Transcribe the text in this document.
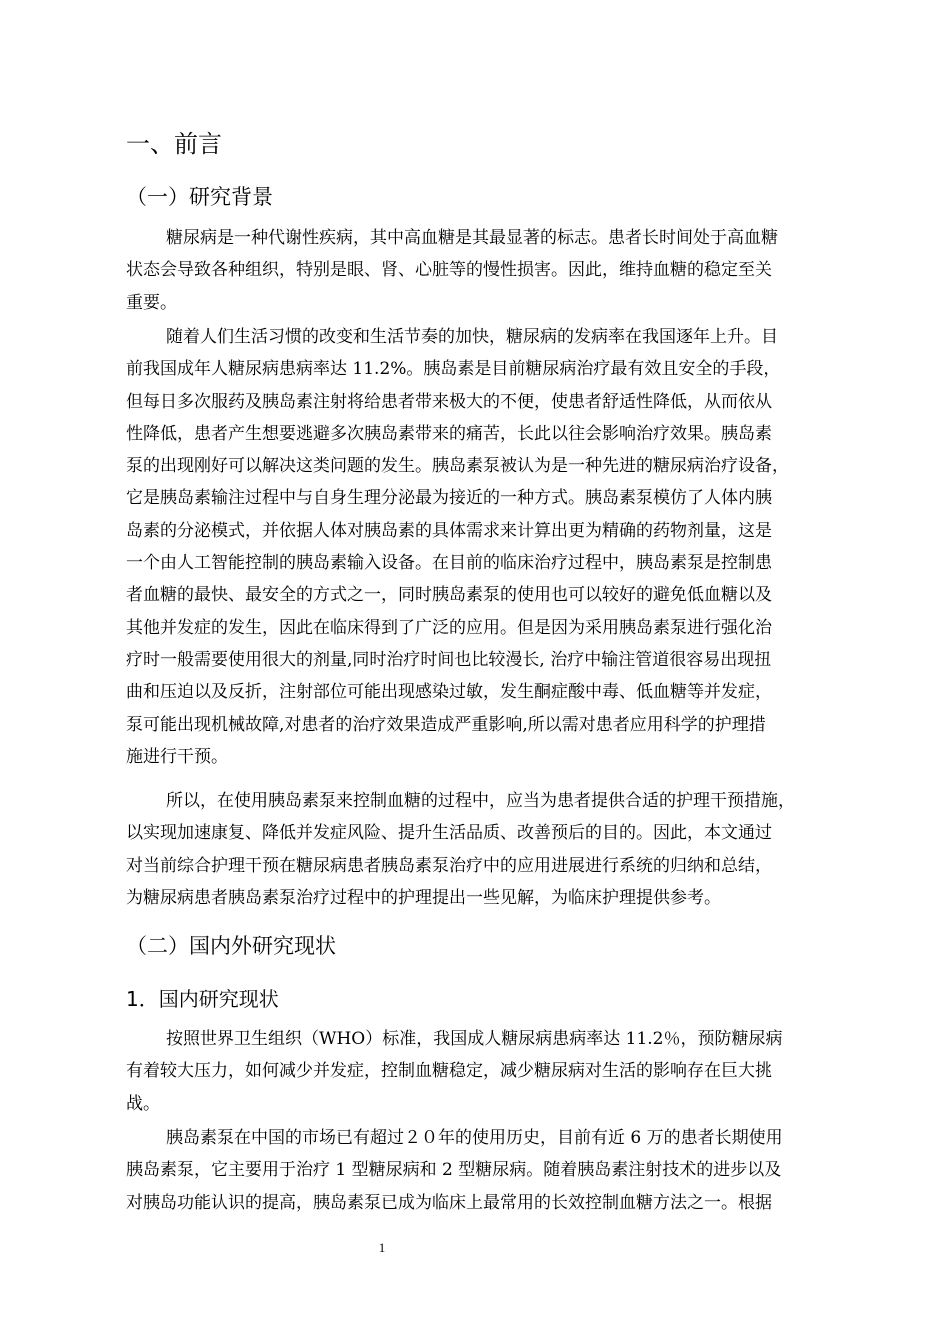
一、前言
（一）研究背景
糖尿病是一种代谢性疾病，其中高血糖是其最显著的标志。患者长时间处于高血糖
状态会导致各种组织，特别是眼、肾、心脏等的慢性损害。因此，维持血糖的稳定至关
重要。
随着人们生活习惯的改变和生活节奏的加快，糖尿病的发病率在我国逐年上升。目
前我国成年人糖尿病患病率达 11.2%。胰岛素是目前糖尿病治疗最有效且安全的手段，
但每日多次服药及胰岛素注射将给患者带来极大的不便，使患者舒适性降低，从而依从
性降低，患者产生想要逃避多次胰岛素带来的痛苦，长此以往会影响治疗效果。胰岛素
泵的出现刚好可以解决这类问题的发生。胰岛素泵被认为是一种先进的糖尿病治疗设备，
它是胰岛素输注过程中与自身生理分泌最为接近的一种方式。胰岛素泵模仿了人体内胰
岛素的分泌模式，并依据人体对胰岛素的具体需求来计算出更为精确的药物剂量，这是
一个由人工智能控制的胰岛素输入设备。在目前的临床治疗过程中，胰岛素泵是控制患
者血糖的最快、最安全的方式之一，同时胰岛素泵的使用也可以较好的避免低血糖以及
其他并发症的发生，因此在临床得到了广泛的应用。但是因为采用胰岛素泵进行强化治
疗时一般需要使用很大的剂量,同时治疗时间也比较漫长, 治疗中输注管道很容易出现扭
曲和压迫以及反折，注射部位可能出现感染过敏，发生酮症酸中毒、低血糖等并发症，
泵可能出现机械故障,对患者的治疗效果造成严重影响,所以需对患者应用科学的护理措
施进行干预。
所以，在使用胰岛素泵来控制血糖的过程中，应当为患者提供合适的护理干预措施，
以实现加速康复、降低并发症风险、提升生活品质、改善预后的目的。因此，本文通过
对当前综合护理干预在糖尿病患者胰岛素泵治疗中的应用进展进行系统的归纳和总结，
为糖尿病患者胰岛素泵治疗过程中的护理提出一些见解，为临床护理提供参考。
（二）国内外研究现状
1．国内研究现状
按照世界卫生组织（WHO）标准，我国成人糖尿病患病率达 11.2％，预防糖尿病
有着较大压力，如何减少并发症，控制血糖稳定，减少糖尿病对生活的影响存在巨大挑
战。
胰岛素泵在中国的市场已有超过２０年的使用历史，目前有近 6 万的患者长期使用
胰岛素泵，它主要用于治疗 1 型糖尿病和 2 型糖尿病。随着胰岛素注射技术的进步以及
对胰岛功能认识的提高，胰岛素泵已成为临床上最常用的长效控制血糖方法之一。根据
1
